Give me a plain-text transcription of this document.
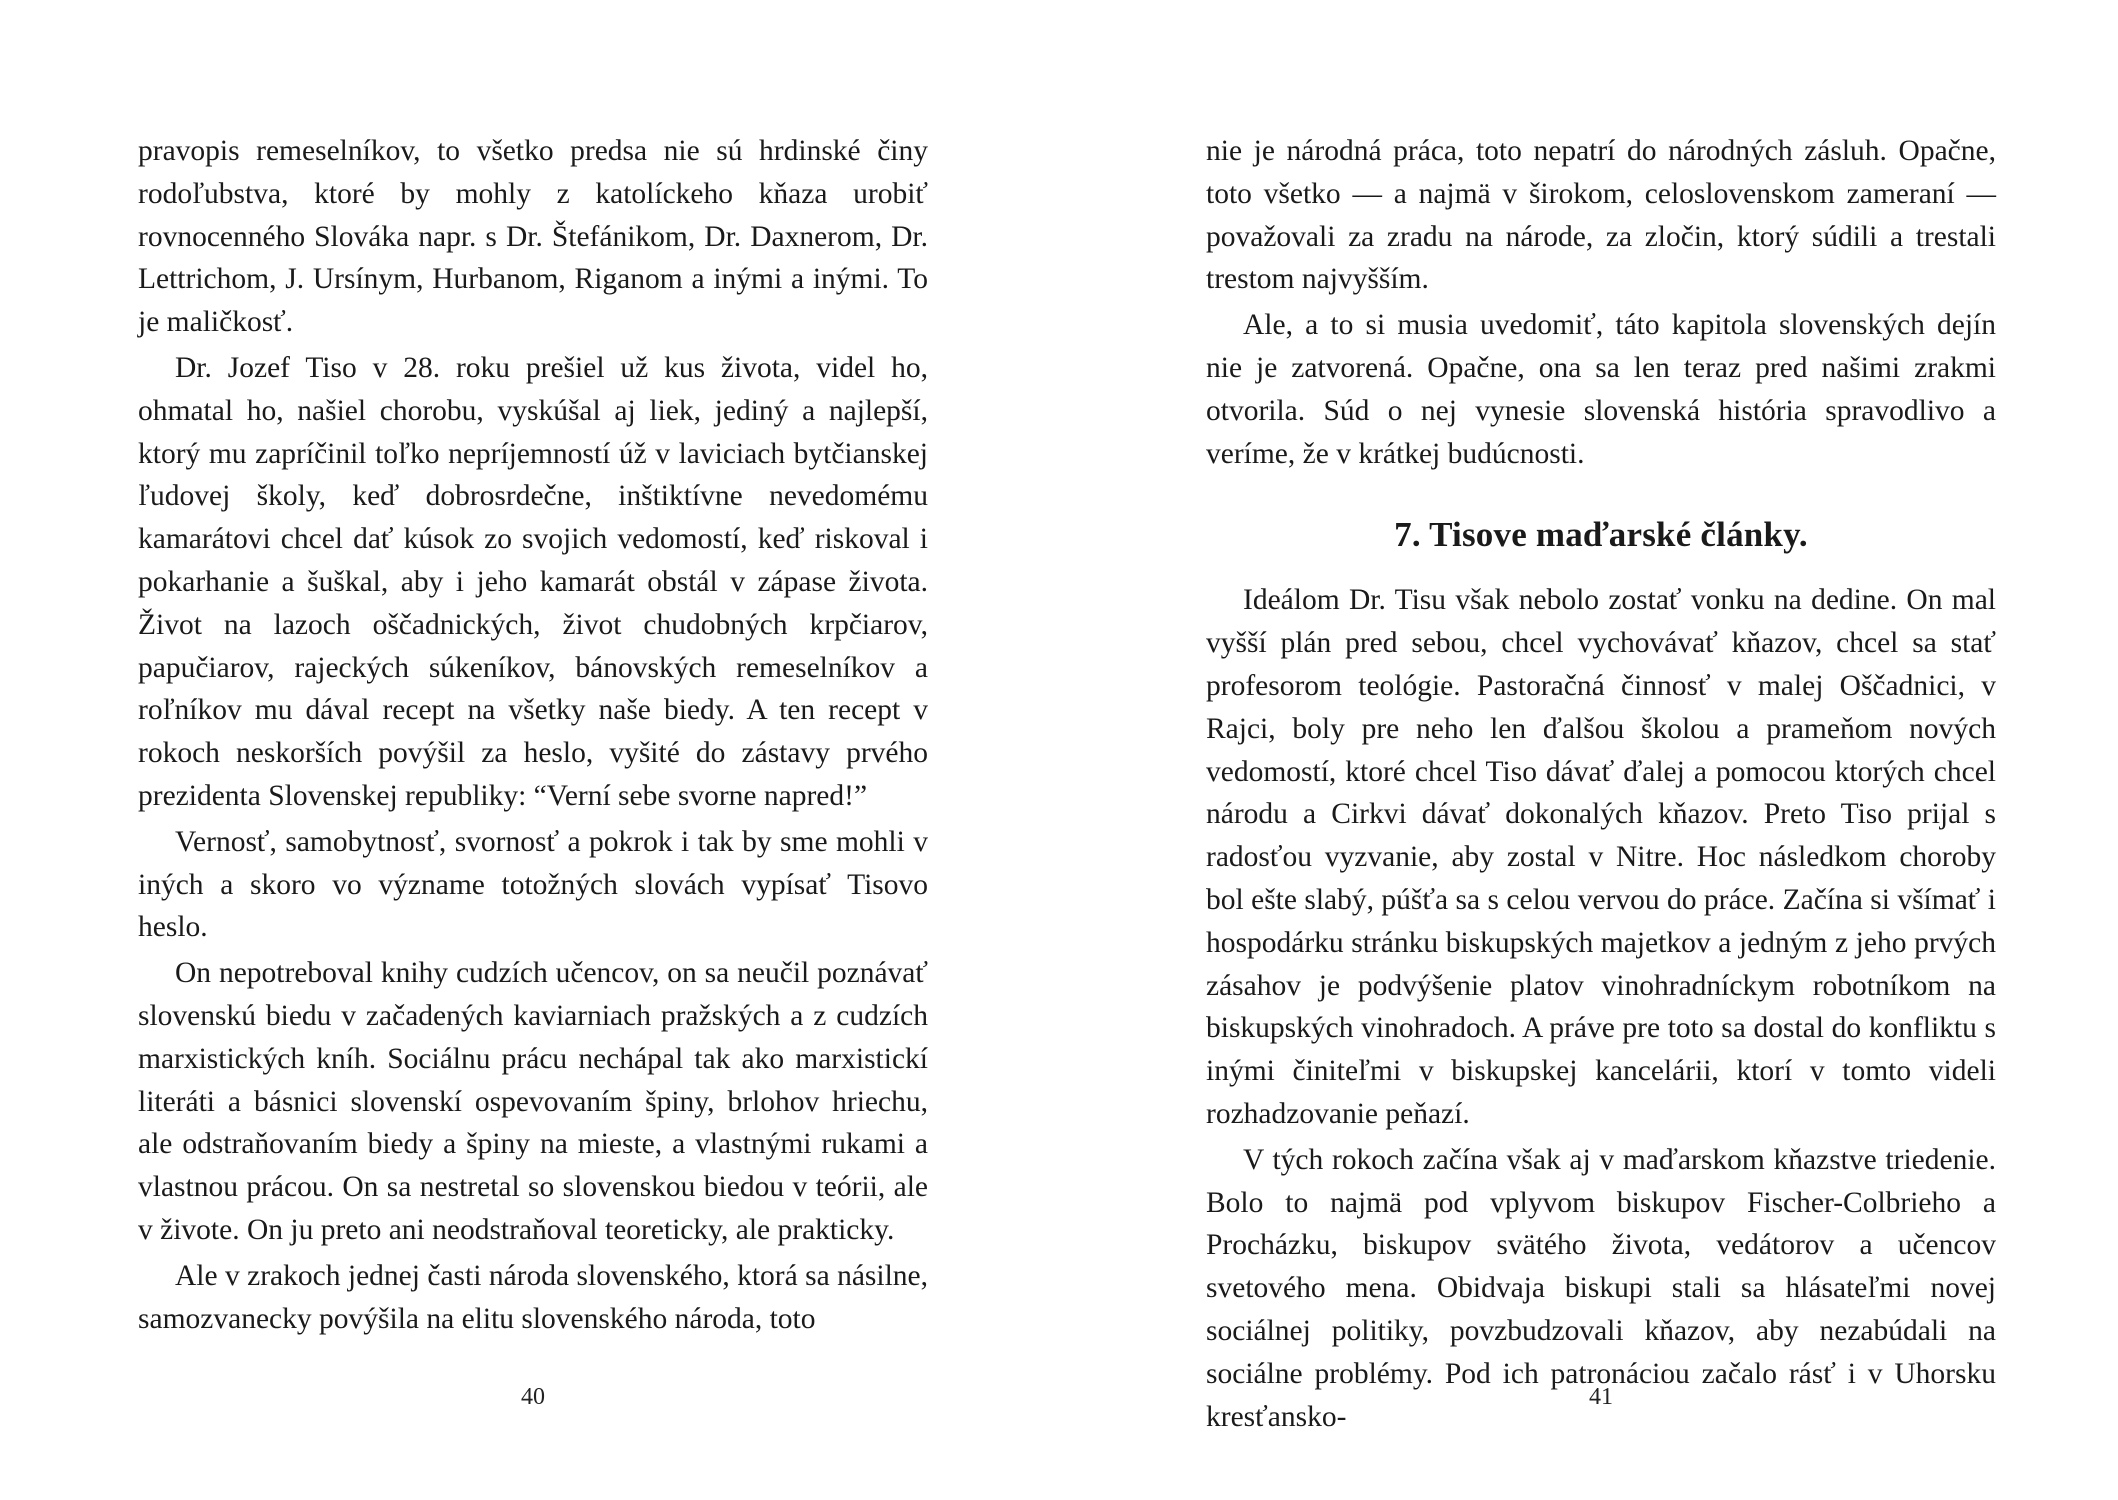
pravopis remeselníkov, to všetko predsa nie sú hrdinské činy rodoľubstva, ktoré by mohly z katolíckeho kňaza urobiť rovnocenného Slováka napr. s Dr. Štefánikom, Dr. Daxnerom, Dr. Lettrichom, J. Ursínym, Hurbanom, Riganom a inými a inými. To je maličkosť.

Dr. Jozef Tiso v 28. roku prešiel už kus života, videl ho, ohmatal ho, našiel chorobu, vyskúšal aj liek, jediný a najlepší, ktorý mu zapríčinil toľko nepríjemností úž v laviciach bytčianskej ľudovej školy, keď dobrosrdečne, inštiktívne nevedomému kamarátovi chcel dať kúsok zo svojich vedomostí, keď riskoval i pokarhanie a šuškal, aby i jeho kamarát obstál v zápase života. Život na lazoch oščadnických, život chudobných krpčiarov, papučiarov, rajeckých súkeníkov, bánovských remeselníkov a roľníkov mu dával recept na všetky naše biedy. A ten recept v rokoch neskorších povýšil za heslo, vyšité do zástavy prvého prezidenta Slovenskej republiky: “Verní sebe svorne napred!”

Vernosť, samobytnosť, svornosť a pokrok i tak by sme mohli v iných a skoro vo význame totožných slovách vypísať Tisovo heslo.

On nepotreboval knihy cudzích učencov, on sa neučil poznávať slovenskú biedu v začadených kaviarniach pražských a z cudzích marxistických kníh. Sociálnu prácu nechápal tak ako marxistickí literáti a básnici slovenskí ospevovaním špiny, brlohov hriechu, ale odstraňovaním biedy a špiny na mieste, a vlastnými rukami a vlastnou prácou. On sa nestretal so slovenskou biedou v teórii, ale v živote. On ju preto ani neodstraňoval teoreticky, ale prakticky.

Ale v zrakoch jednej časti národa slovenského, ktorá sa násilne, samozvanecky povýšila na elitu slovenského národa, toto

nie je národná práca, toto nepatrí do národných zásluh. Opačne, toto všetko — a najmä v širokom, celoslovenskom zameraní — považovali za zradu na národe, za zločin, ktorý súdili a trestali trestom najvyšším.

Ale, a to si musia uvedomiť, táto kapitola slovenských dejín nie je zatvorená. Opačne, ona sa len teraz pred našimi zrakmi otvorila. Súd o nej vynesie slovenská história spravodlivo a veríme, že v krátkej budúcnosti.

7. Tisove maďarské články.

Ideálom Dr. Tisu však nebolo zostať vonku na dedine. On mal vyšší plán pred sebou, chcel vychovávať kňazov, chcel sa stať profesorom teológie. Pastoračná činnosť v malej Oščadnici, v Rajci, boly pre neho len ďalšou školou a prameňom nových vedomostí, ktoré chcel Tiso dávať ďalej a pomocou ktorých chcel národu a Cirkvi dávať dokonalých kňazov. Preto Tiso prijal s radosťou vyzvanie, aby zostal v Nitre. Hoc následkom choroby bol ešte slabý, púšťa sa s celou vervou do práce. Začína si všímať i hospodárku stránku biskupských majetkov a jedným z jeho prvých zásahov je podvýšenie platov vinohradníckym robotníkom na biskupských vinohradoch. A práve pre toto sa dostal do konfliktu s inými činiteľmi v biskupskej kancelárii, ktorí v tomto videli rozhadzovanie peňazí.

V tých rokoch začína však aj v maďarskom kňazstve triedenie. Bolo to najmä pod vplyvom biskupov Fischer-Colbrieho a Procházku, biskupov svätého života, vedátorov a učencov svetového mena. Obidvaja biskupi stali sa hlásateľmi novej sociálnej politiky, povzbudzovali kňazov, aby nezabúdali na sociálne problémy. Pod ich patronáciou začalo rásť i v Uhorsku kresťansko-

40	41
